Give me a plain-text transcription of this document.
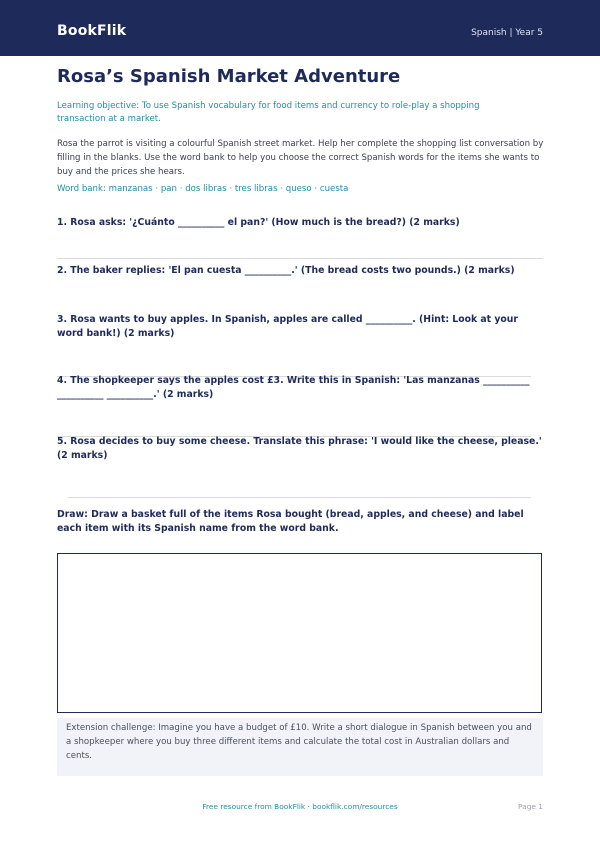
BookFlik	Spanish | Year 5
Rosa’s Spanish Market Adventure
Learning objective: To use Spanish vocabulary for food items and currency to role-play a shopping transaction at a market.
Rosa the parrot is visiting a colourful Spanish street market. Help her complete the shopping list conversation by filling in the blanks. Use the word bank to help you choose the correct Spanish words for the items she wants to buy and the prices she hears.
Word bank: manzanas · pan · dos libras · tres libras · queso · cuesta
1. Rosa asks: '¿Cuánto __________ el pan?' (How much is the bread?) (2 marks)
2. The baker replies: 'El pan cuesta __________.' (The bread costs two pounds.) (2 marks)
3. Rosa wants to buy apples. In Spanish, apples are called __________. (Hint: Look at your word bank!) (2 marks)
4. The shopkeeper says the apples cost £3. Write this in Spanish: 'Las manzanas __________ __________ __________.' (2 marks)
5. Rosa decides to buy some cheese. Translate this phrase: 'I would like the cheese, please.' (2 marks)
Draw: Draw a basket full of the items Rosa bought (bread, apples, and cheese) and label each item with its Spanish name from the word bank.
Extension challenge: Imagine you have a budget of £10. Write a short dialogue in Spanish between you and a shopkeeper where you buy three different items and calculate the total cost in Australian dollars and cents.
Free resource from BookFlik · bookflik.com/resources	Page 1
